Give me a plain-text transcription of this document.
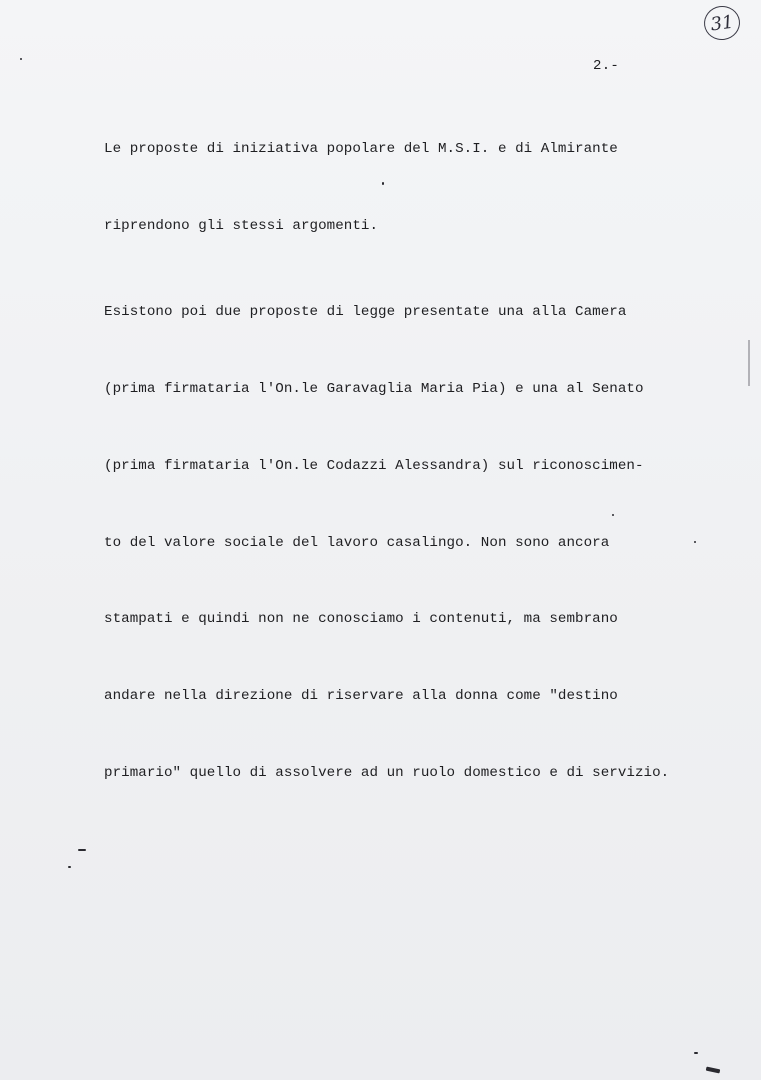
31
2.-

Le proposte di iniziativa popolare del M.S.I. e di Almirante

riprendono gli stessi argomenti.

Esistono poi due proposte di legge presentate una alla Camera

(prima firmataria l'On.le Garavaglia Maria Pia) e una al Senato

(prima firmataria l'On.le Codazzi Alessandra) sul riconoscimen-

to del valore sociale del lavoro casalingo. Non sono ancora

stampati e quindi non ne conosciamo i contenuti, ma sembrano

andare nella direzione di riservare alla donna come "destino

primario" quello di assolvere ad un ruolo domestico e di servizio.
